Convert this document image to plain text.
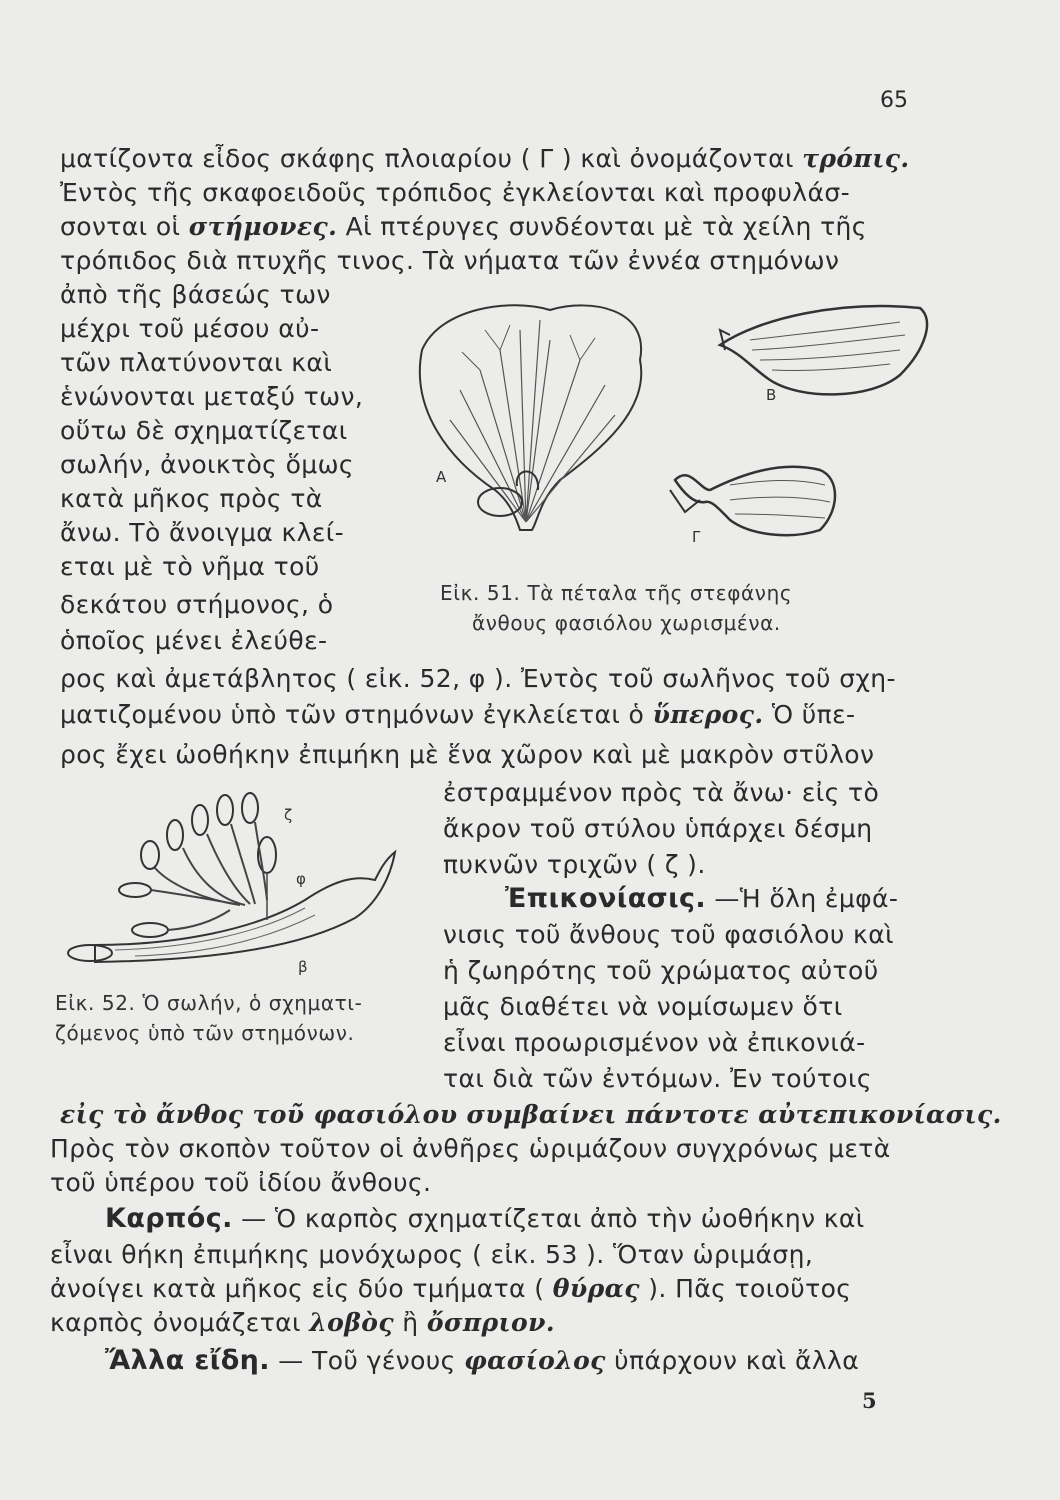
65
ματίζοντα εἶδος σκάφης πλοιαρίου ( Γ ) καὶ ὀνομάζονται τρόπις.
Ἐντὸς τῆς σκαφοειδοῦς τρόπιδος ἐγκλείονται καὶ προφυλάσ-
σονται οἱ στήμονες. Αἱ πτέρυγες συνδέονται μὲ τὰ χείλη τῆς
τρόπιδος διὰ πτυχῆς τινος. Τὰ νήματα τῶν ἐννέα στημόνων
ἀπὸ τῆς βάσεώς των
μέχρι τοῦ μέσου αὐ-
τῶν πλατύνονται καὶ
ἑνώνονται μεταξύ των,
οὕτω δὲ σχηματίζεται
σωλήν, ἀνοικτὸς ὅμως
κατὰ μῆκος πρὸς τὰ
ἄνω. Τὸ ἄνοιγμα κλεί-
εται μὲ τὸ νῆμα τοῦ
δεκάτου στήμονος, ὁ
ὁποῖος μένει ἐλεύθε-
ρος καὶ ἀμετάβλητος ( εἰκ. 52, φ ). Ἐντὸς τοῦ σωλῆνος τοῦ σχη-
ματιζομένου ὑπὸ τῶν στημόνων ἐγκλείεται ὁ ὕπερος. Ὁ ὕπε-
ρος ἔχει ὠοθήκην ἐπιμήκη μὲ ἕνα χῶρον καὶ μὲ μακρὸν στῦλον
ἐστραμμένον πρὸς τὰ ἄνω· εἰς τὸ
ἄκρον τοῦ στύλου ὑπάρχει δέσμη
πυκνῶν τριχῶν ( ζ ).
Ἐπικονίασις. —Ἡ ὅλη ἐμφά-
νισις τοῦ ἄνθους τοῦ φασιόλου καὶ
ἡ ζωηρότης τοῦ χρώματος αὐτοῦ
μᾶς διαθέτει νὰ νομίσωμεν ὅτι
εἶναι προωρισμένον νὰ ἐπικονιά-
ται διὰ τῶν ἐντόμων. Ἐν τούτοις
εἰς τὸ ἄνθος τοῦ φασιόλου συμβαίνει πάντοτε αὐτεπικονίασις.
Πρὸς τὸν σκοπὸν τοῦτον οἱ ἀνθῆρες ὡριμάζουν συγχρόνως μετὰ
τοῦ ὑπέρου τοῦ ἰδίου ἄνθους.
Καρπός. — Ὁ καρπὸς σχηματίζεται ἀπὸ τὴν ὠοθήκην καὶ
εἶναι θήκη ἐπιμήκης μονόχωρος ( εἰκ. 53 ). Ὅταν ὡριμάσῃ,
ἀνοίγει κατὰ μῆκος εἰς δύο τμήματα ( θύρας ). Πᾶς τοιοῦτος
καρπὸς ὀνομάζεται λοβὸς ἢ ὄσπριον.
Ἄλλα εἴδη. — Τοῦ γένους φασίολος ὑπάρχουν καὶ ἄλλα
5
A
B
Γ
Εἰκ. 51. Τὰ πέταλα τῆς στεφάνης
ἄνθους φασιόλου χωρισμένα.
ζ
φ
β
Εἰκ. 52. Ὁ σωλήν, ὁ σχηματι-
ζόμενος ὑπὸ τῶν στημόνων.
